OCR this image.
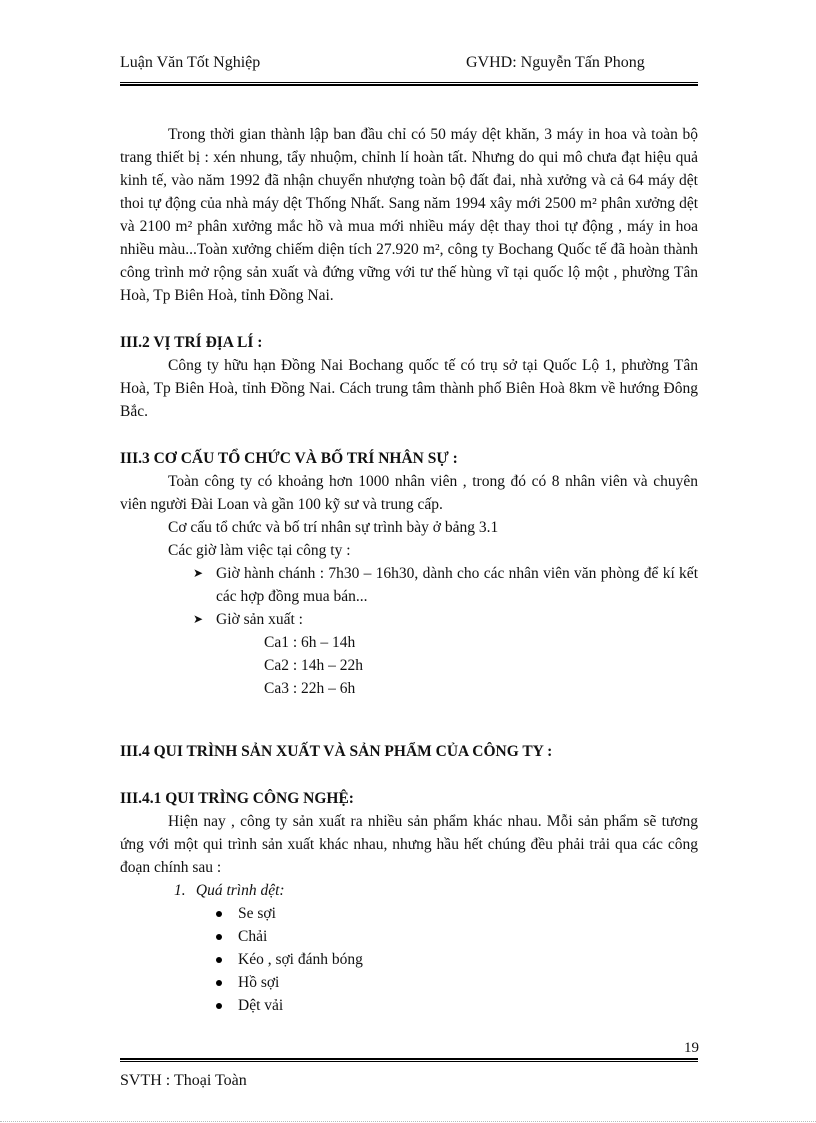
Luận Văn Tốt Nghiệp	GVHD: Nguyễn Tấn Phong

Trong thời gian thành lập ban đầu chỉ có 50 máy dệt khăn, 3 máy in hoa và toàn bộ trang thiết bị : xén nhung, tẩy nhuộm, chỉnh lí hoàn tất. Nhưng do qui mô chưa đạt hiệu quả kinh tế, vào năm 1992 đã nhận chuyển nhượng toàn bộ đất đai, nhà xưởng và cả 64 máy dệt thoi tự động của nhà máy dệt Thống Nhất. Sang năm 1994 xây mới 2500 m² phân xưởng dệt và 2100 m² phân xưởng mắc hồ và mua mới nhiều máy dệt thay thoi tự động , máy in hoa nhiều màu...Toàn xưởng chiếm diện tích 27.920 m², công ty Bochang Quốc tế đã hoàn thành công trình mở rộng sản xuất và đứng vững với tư thế hùng vĩ tại quốc lộ một , phường Tân Hoà, Tp Biên Hoà, tỉnh Đồng Nai.

III.2 VỊ TRÍ ĐỊA LÍ :

Công ty hữu hạn Đồng Nai Bochang quốc tế có trụ sở tại Quốc Lộ 1, phường Tân Hoà, Tp Biên Hoà, tỉnh Đồng Nai. Cách trung tâm thành phố Biên Hoà 8km về hướng Đông Bắc.

III.3 CƠ CẤU TỔ CHỨC VÀ BỐ TRÍ NHÂN SỰ :

Toàn công ty có khoảng hơn 1000 nhân viên , trong đó có 8 nhân viên và chuyên viên người Đài Loan và gần 100 kỹ sư và trung cấp.

Cơ cấu tổ chức và bố trí nhân sự trình bày ở bảng 3.1

Các giờ làm việc tại công ty :

➤ Giờ hành chánh : 7h30 – 16h30, dành cho các nhân viên văn phòng để kí kết các hợp đồng mua bán...
➤ Giờ sản xuất :
Ca1 : 6h – 14h
Ca2 : 14h – 22h
Ca3 : 22h – 6h
III.4 QUI TRÌNH SẢN XUẤT VÀ SẢN PHẨM CỦA CÔNG TY :
III.4.1 QUI TRÌNG CÔNG NGHỆ:

Hiện nay , công ty sản xuất ra nhiều sản phẩm khác nhau. Mỗi sản phẩm sẽ tương ứng với một qui trình sản xuất khác nhau, nhưng hầu hết chúng đều phải trải qua các công đoạn chính sau :

1. Quá trình dệt:
Se sợi
Chải
Kéo , sợi đánh bóng
Hồ sợi
Dệt vải
19
SVTH : Thoại Toàn
